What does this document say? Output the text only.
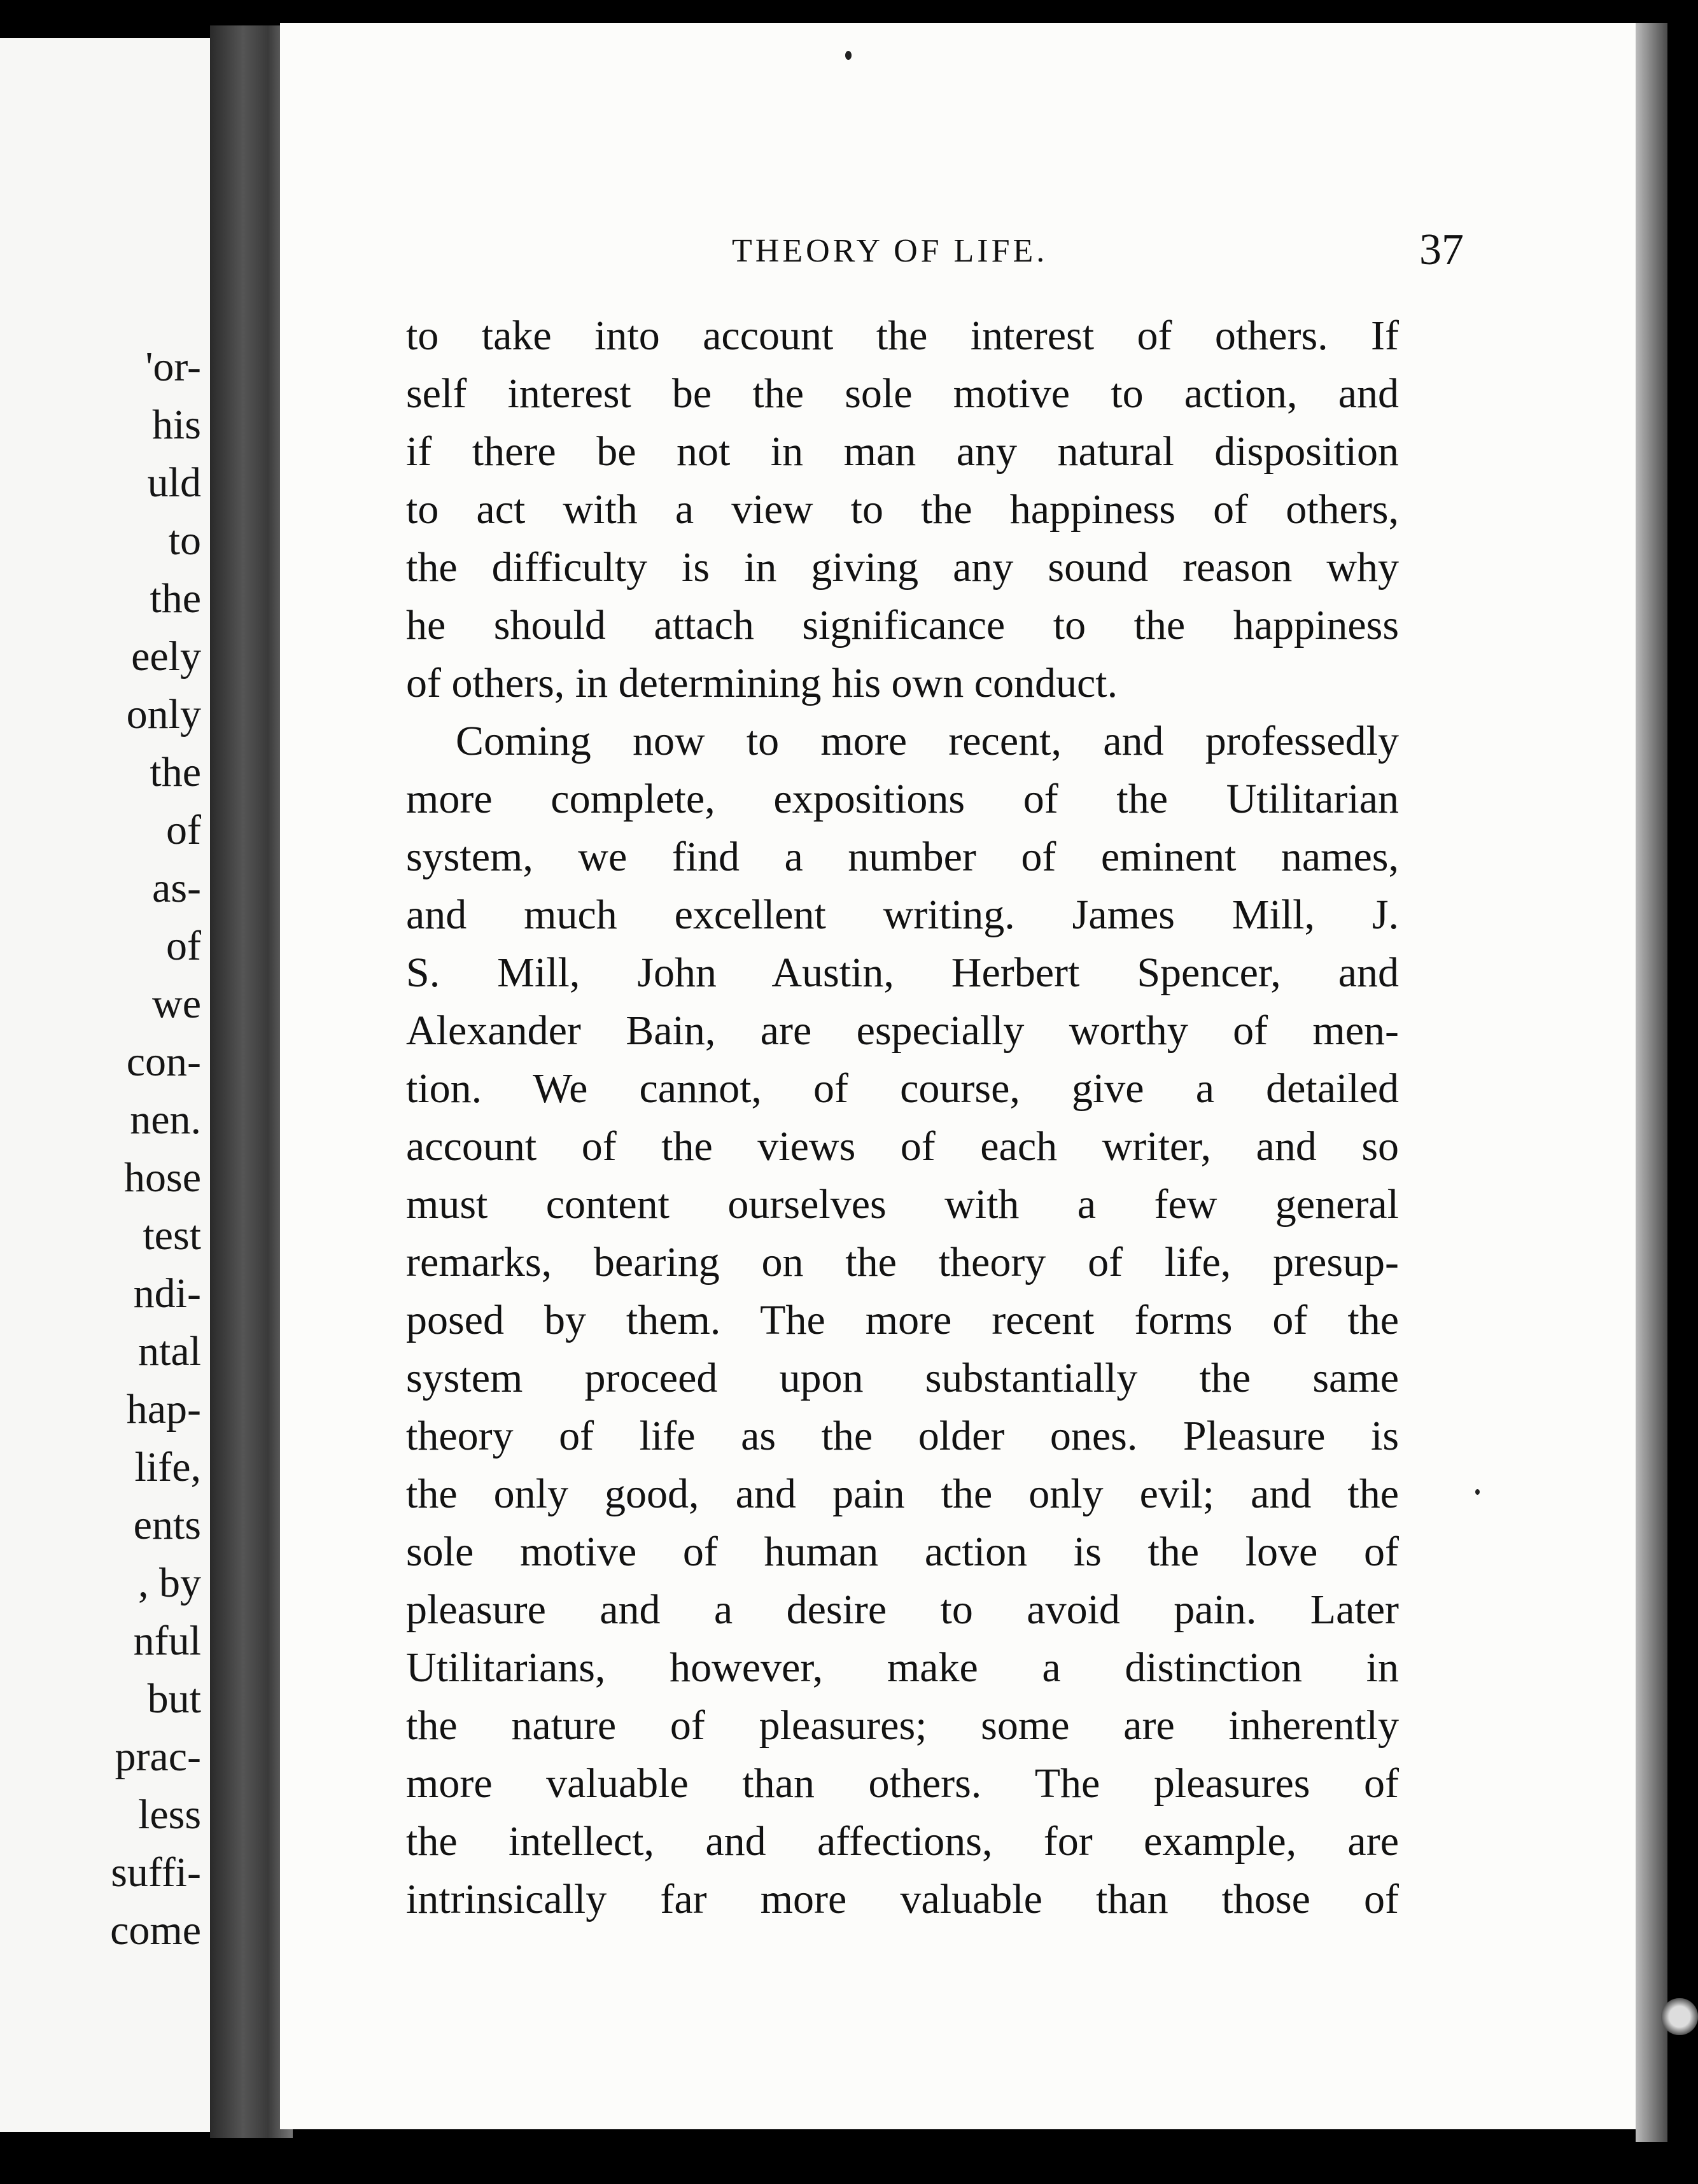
'or-
his
uld
to
the
eely
only
the
of
as-
of
we
con-
nen.
hose
test
ndi-
ntal
hap-
life,
ents
, by
nful
but
prac-
less
suffi-
come
THEORY OF LIFE.	37
to take into account the interest of others. If
self interest be the sole motive to action, and
if there be not in man any natural disposition
to act with a view to the happiness of others,
the difficulty is in giving any sound reason why
he should attach significance to the happiness
of others, in determining his own conduct.
Coming now to more recent, and professedly
more complete, expositions of the Utilitarian
system, we find a number of eminent names,
and much excellent writing. James Mill, J.
S. Mill, John Austin, Herbert Spencer, and
Alexander Bain, are especially worthy of men-
tion. We cannot, of course, give a detailed
account of the views of each writer, and so
must content ourselves with a few general
remarks, bearing on the theory of life, presup-
posed by them. The more recent forms of the
system proceed upon substantially the same
theory of life as the older ones. Pleasure is
the only good, and pain the only evil; and the
sole motive of human action is the love of
pleasure and a desire to avoid pain. Later
Utilitarians, however, make a distinction in
the nature of pleasures; some are inherently
more valuable than others. The pleasures of
the intellect, and affections, for example, are
intrinsically far more valuable than those of
